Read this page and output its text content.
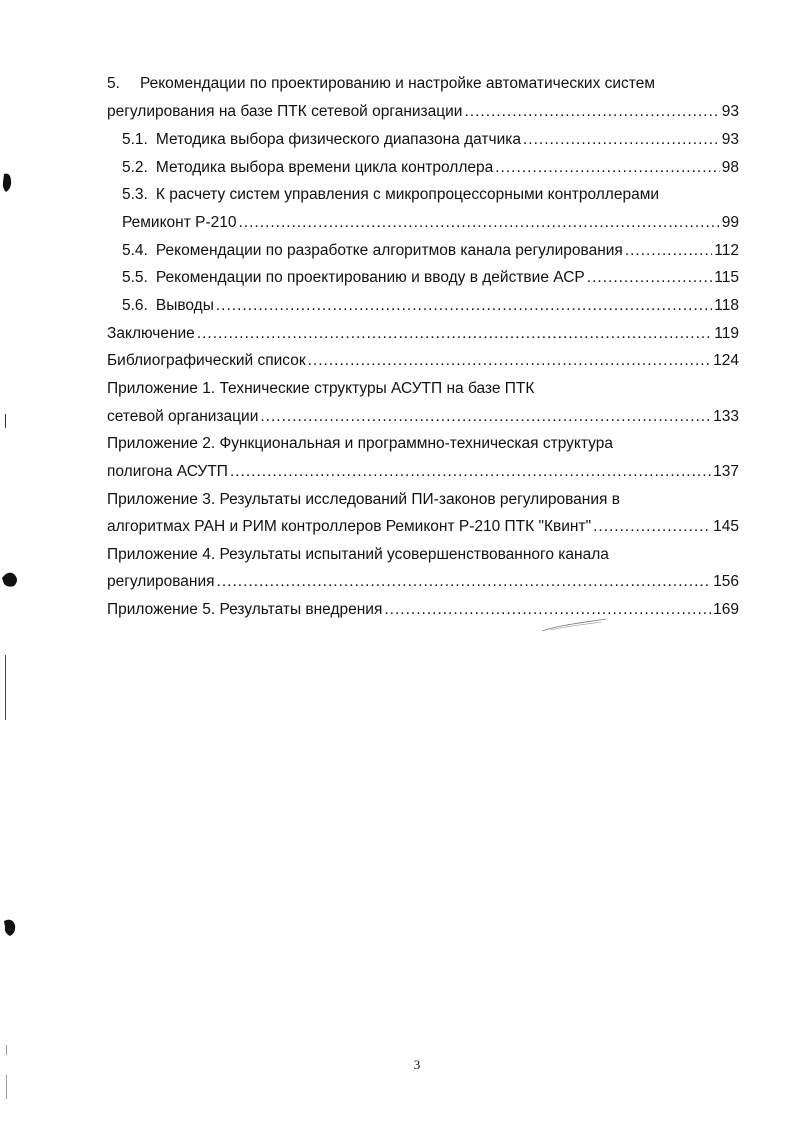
5.	Рекомендации по проектированию и настройке автоматических систем
регулирования на базе ПТК сетевой организации .....	93
5.1. Методика выбора физического диапазона датчика .....	93
5.2. Методика выбора времени цикла контроллера .....	98
5.3. К расчету систем управления с микропроцессорными контроллерами
Ремиконт Р-210 .....	99
5.4. Рекомендации по разработке алгоритмов канала регулирования .....	112
5.5. Рекомендации по проектированию и вводу в действие АСР .....	115
5.6. Выводы .....	118
Заключение .....	119
Библиографический список .....	124
Приложение 1. Технические структуры АСУТП на базе ПТК
сетевой организации .....	133
Приложение 2. Функциональная и программно-техническая структура
полигона АСУТП .....	137
Приложение 3. Результаты исследований ПИ-законов регулирования в
алгоритмах РАН и РИМ контроллеров Ремиконт Р-210 ПТК "Квинт" .....	145
Приложение 4. Результаты испытаний усовершенствованного канала
регулирования .....	156
Приложение 5. Результаты внедрения .....	169
3
